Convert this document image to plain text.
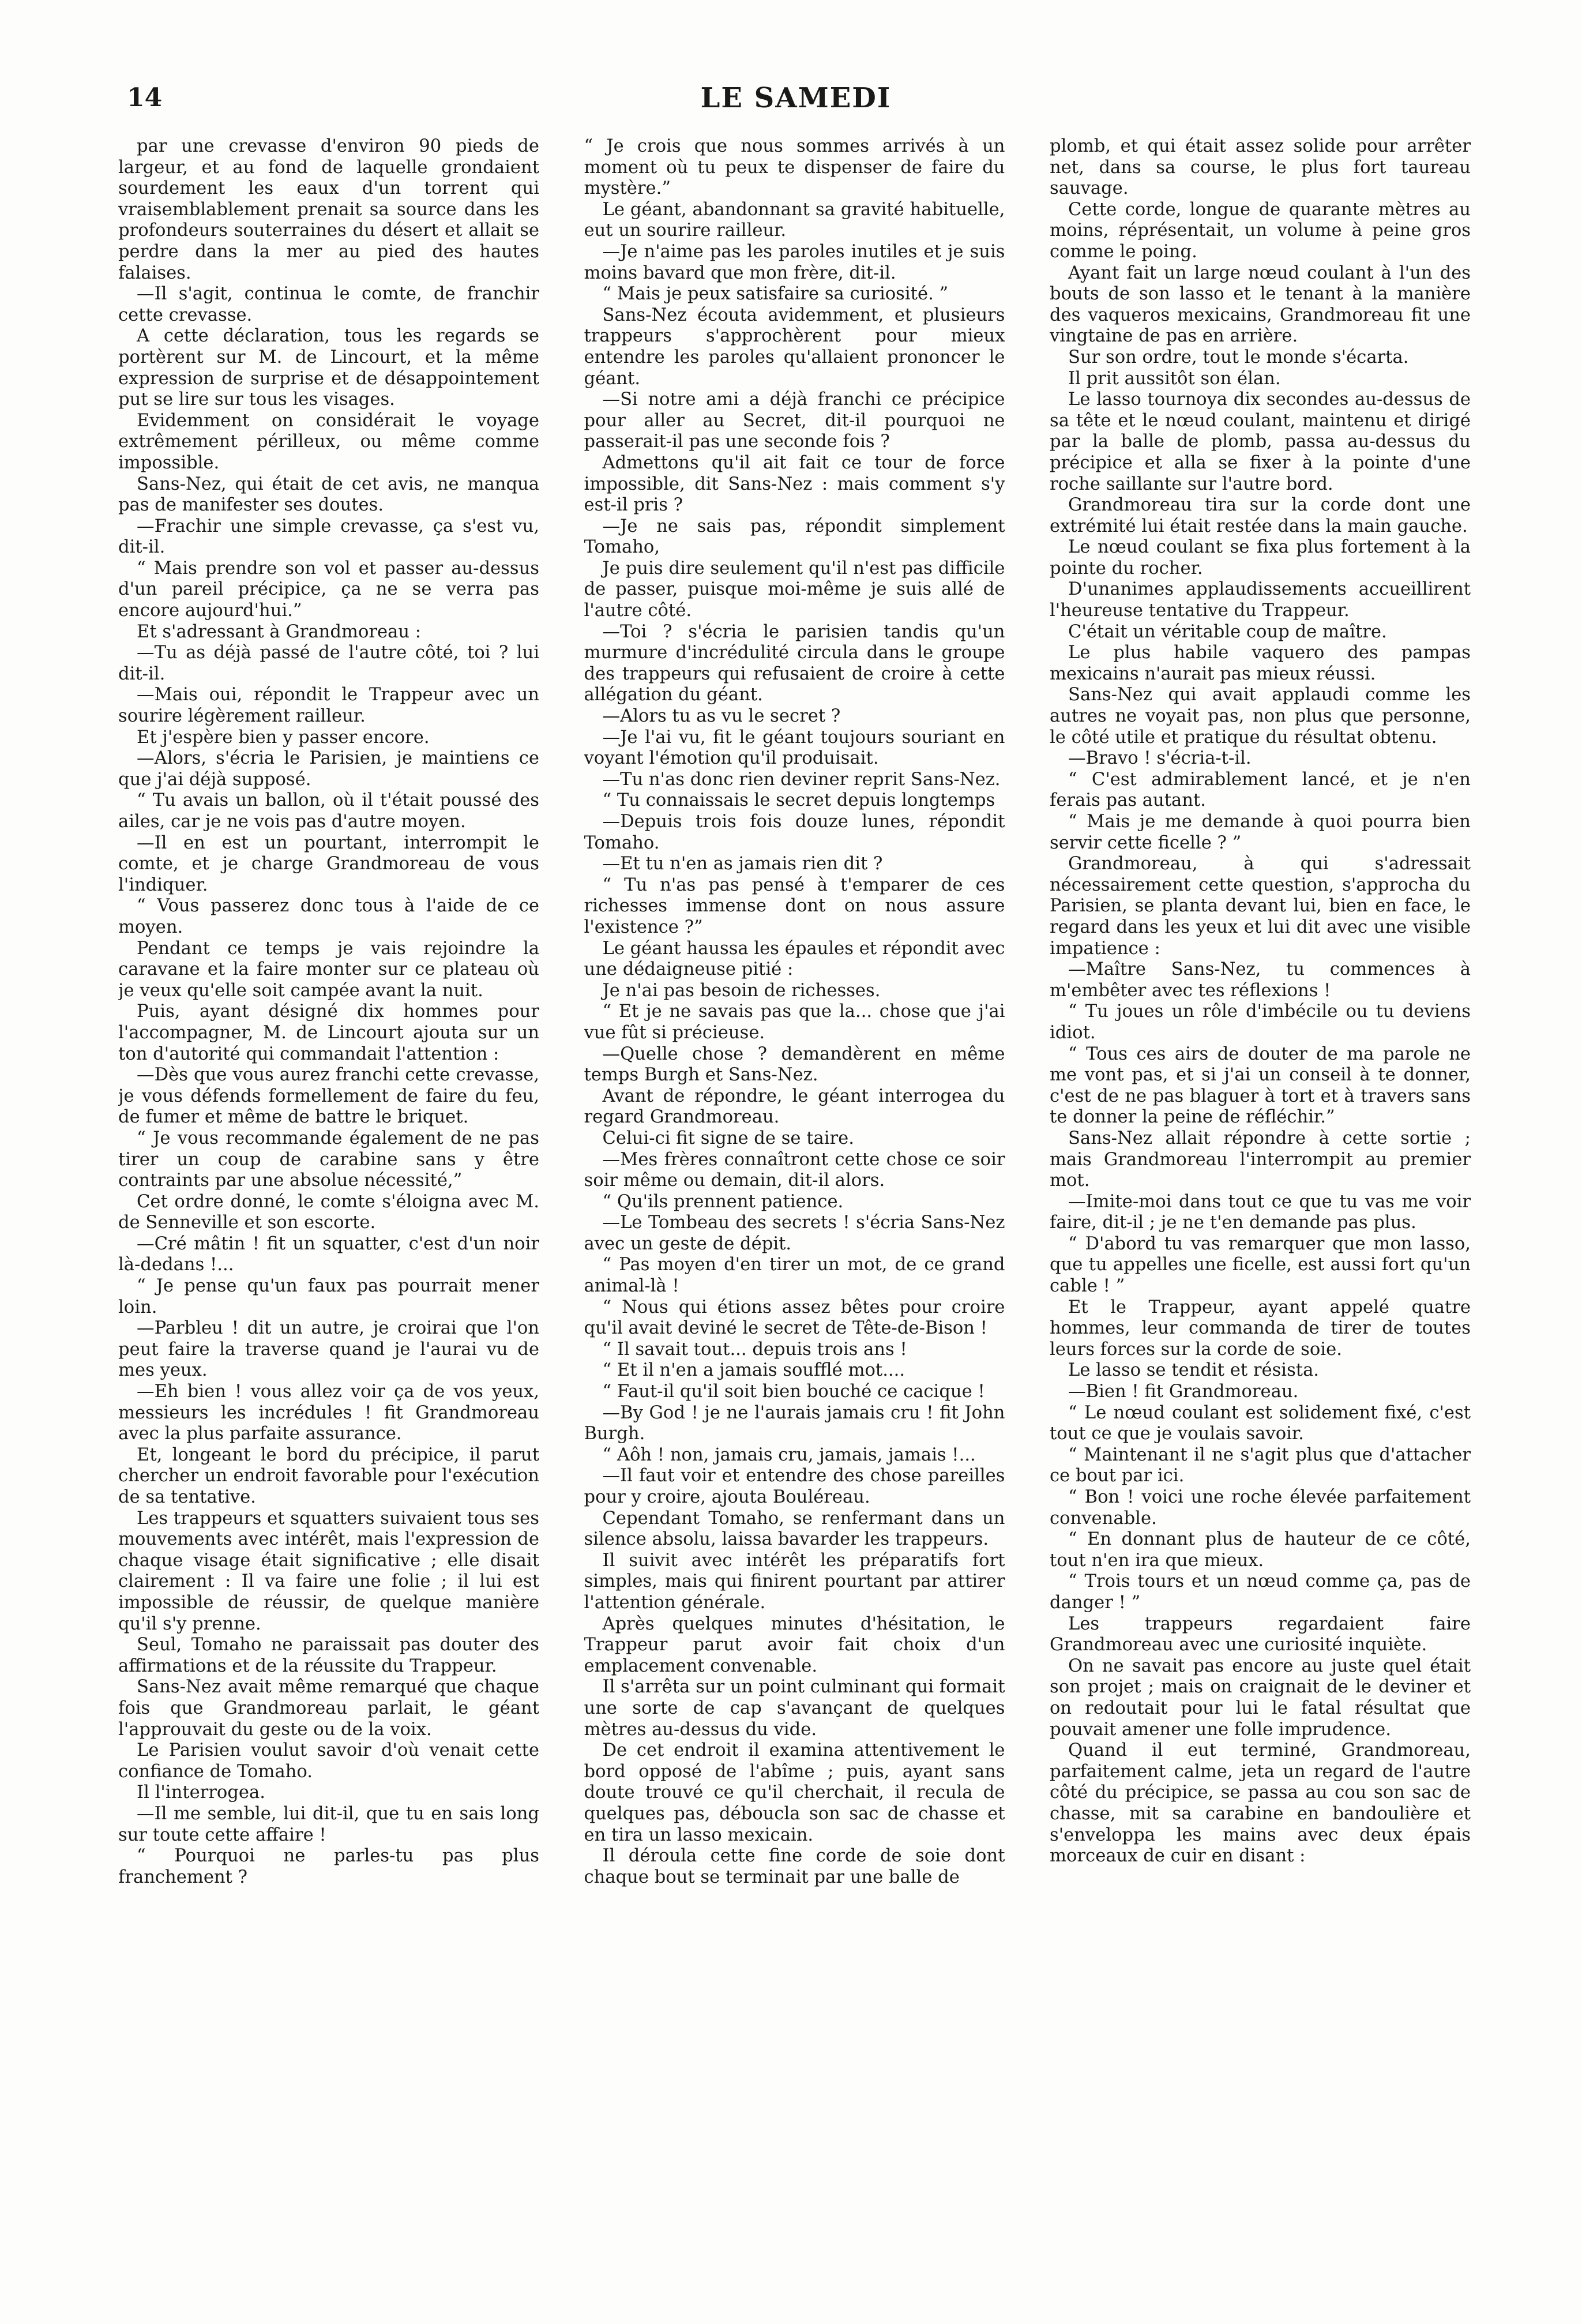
14	LE SAMEDI

par une crevasse d'environ 90 pieds de largeur, et au fond de laquelle grondaient sourdement les eaux d'un torrent qui vraisemblablement prenait sa source dans les profondeurs souterraines du désert et allait se perdre dans la mer au pied des hautes falaises.

—Il s'agit, continua le comte, de franchir cette crevasse.

A cette déclaration, tous les regards se portèrent sur M. de Lincourt, et la même expression de surprise et de désappointement put se lire sur tous les visages.

Evidemment on considérait le voyage extrêmement périlleux, ou même comme impossible.

Sans-Nez, qui était de cet avis, ne manqua pas de manifester ses doutes.

—Frachir une simple crevasse, ça s'est vu, dit-il.

“ Mais prendre son vol et passer au-dessus d'un pareil précipice, ça ne se verra pas encore aujourd'hui.”

Et s'adressant à Grandmoreau :

—Tu as déjà passé de l'autre côté, toi ? lui dit-il.

—Mais oui, répondit le Trappeur avec un sourire légèrement railleur.

Et j'espère bien y passer encore.

—Alors, s'écria le Parisien, je maintiens ce que j'ai déjà supposé.

“ Tu avais un ballon, où il t'était poussé des ailes, car je ne vois pas d'autre moyen.

—Il en est un pourtant, interrompit le comte, et je charge Grandmoreau de vous l'indiquer.

“ Vous passerez donc tous à l'aide de ce moyen.

Pendant ce temps je vais rejoindre la caravane et la faire monter sur ce plateau où je veux qu'elle soit campée avant la nuit.

Puis, ayant désigné dix hommes pour l'accompagner, M. de Lincourt ajouta sur un ton d'autorité qui commandait l'attention :

—Dès que vous aurez franchi cette crevasse, je vous défends formellement de faire du feu, de fumer et même de battre le briquet.

“ Je vous recommande également de ne pas tirer un coup de carabine sans y être contraints par une absolue nécessité,”

Cet ordre donné, le comte s'éloigna avec M. de Senneville et son escorte.

—Cré mâtin ! fit un squatter, c'est d'un noir là-dedans !...

“ Je pense qu'un faux pas pourrait mener loin.

—Parbleu ! dit un autre, je croirai que l'on peut faire la traverse quand je l'aurai vu de mes yeux.

—Eh bien ! vous allez voir ça de vos yeux, messieurs les incrédules ! fit Grandmoreau avec la plus parfaite assurance.

Et, longeant le bord du précipice, il parut chercher un endroit favorable pour l'exécution de sa tentative.

Les trappeurs et squatters suivaient tous ses mouvements avec intérêt, mais l'expression de chaque visage était significative ; elle disait clairement : Il va faire une folie ; il lui est impossible de réussir, de quelque manière qu'il s'y prenne.

Seul, Tomaho ne paraissait pas douter des affirmations et de la réussite du Trappeur.

Sans-Nez avait même remarqué que chaque fois que Grandmoreau parlait, le géant l'approuvait du geste ou de la voix.

Le Parisien voulut savoir d'où venait cette confiance de Tomaho.

Il l'interrogea.

—Il me semble, lui dit-il, que tu en sais long sur toute cette affaire !

“ Pourquoi ne parles-tu pas plus franchement ?

“ Je crois que nous sommes arrivés à un moment où tu peux te dispenser de faire du mystère.”

Le géant, abandonnant sa gravité habituelle, eut un sourire railleur.

—Je n'aime pas les paroles inutiles et je suis moins bavard que mon frère, dit-il.

“ Mais je peux satisfaire sa curiosité. ”

Sans-Nez écouta avidemment, et plusieurs trappeurs s'approchèrent pour mieux entendre les paroles qu'allaient prononcer le géant.

—Si notre ami a déjà franchi ce précipice pour aller au Secret, dit-il pourquoi ne passerait-il pas une seconde fois ?

Admettons qu'il ait fait ce tour de force impossible, dit Sans-Nez : mais comment s'y est-il pris ?

—Je ne sais pas, répondit simplement Tomaho,

Je puis dire seulement qu'il n'est pas difficile de passer, puisque moi-même je suis allé de l'autre côté.

—Toi ? s'écria le parisien tandis qu'un murmure d'incrédulité circula dans le groupe des trappeurs qui refusaient de croire à cette allégation du géant.

—Alors tu as vu le secret ?

—Je l'ai vu, fit le géant toujours souriant en voyant l'émotion qu'il produisait.

—Tu n'as donc rien deviner reprit Sans-Nez.

“ Tu connaissais le secret depuis longtemps

—Depuis trois fois douze lunes, répondit Tomaho.

—Et tu n'en as jamais rien dit ?

“ Tu n'as pas pensé à t'emparer de ces richesses immense dont on nous assure l'existence ?”

Le géant haussa les épaules et répondit avec une dédaigneuse pitié :

Je n'ai pas besoin de richesses.

“ Et je ne savais pas que la... chose que j'ai vue fût si précieuse.

—Quelle chose ? demandèrent en même temps Burgh et Sans-Nez.

Avant de répondre, le géant interrogea du regard Grandmoreau.

Celui-ci fit signe de se taire.

—Mes frères connaîtront cette chose ce soir soir même ou demain, dit-il alors.

“ Qu'ils prennent patience.

—Le Tombeau des secrets ! s'écria Sans-Nez avec un geste de dépit.

“ Pas moyen d'en tirer un mot, de ce grand animal-là !

“ Nous qui étions assez bêtes pour croire qu'il avait deviné le secret de Tête-de-Bison !

“ Il savait tout... depuis trois ans !

“ Et il n'en a jamais soufflé mot....

“ Faut-il qu'il soit bien bouché ce cacique !

—By God ! je ne l'aurais jamais cru ! fit John Burgh.

“ Aôh ! non, jamais cru, jamais, jamais !...

—Il faut voir et entendre des chose pareilles pour y croire, ajouta Bouléreau.

Cependant Tomaho, se renfermant dans un silence absolu, laissa bavarder les trappeurs.

Il suivit avec intérêt les préparatifs fort simples, mais qui finirent pourtant par attirer l'attention générale.

Après quelques minutes d'hésitation, le Trappeur parut avoir fait choix d'un emplacement convenable.

Il s'arrêta sur un point culminant qui formait une sorte de cap s'avançant de quelques mètres au-dessus du vide.

De cet endroit il examina attentivement le bord opposé de l'abîme ; puis, ayant sans doute trouvé ce qu'il cherchait, il recula de quelques pas, déboucla son sac de chasse et en tira un lasso mexicain.

Il déroula cette fine corde de soie dont chaque bout se terminait par une balle de

plomb, et qui était assez solide pour arrêter net, dans sa course, le plus fort taureau sauvage.

Cette corde, longue de quarante mètres au moins, réprésentait, un volume à peine gros comme le poing.

Ayant fait un large nœud coulant à l'un des bouts de son lasso et le tenant à la manière des vaqueros mexicains, Grandmoreau fit une vingtaine de pas en arrière.

Sur son ordre, tout le monde s'écarta.

Il prit aussitôt son élan.

Le lasso tournoya dix secondes au-dessus de sa tête et le nœud coulant, maintenu et dirigé par la balle de plomb, passa au-dessus du précipice et alla se fixer à la pointe d'une roche saillante sur l'autre bord.

Grandmoreau tira sur la corde dont une extrémité lui était restée dans la main gauche.

Le nœud coulant se fixa plus fortement à la pointe du rocher.

D'unanimes applaudissements accueillirent l'heureuse tentative du Trappeur.

C'était un véritable coup de maître.

Le plus habile vaquero des pampas mexicains n'aurait pas mieux réussi.

Sans-Nez qui avait applaudi comme les autres ne voyait pas, non plus que personne, le côté utile et pratique du résultat obtenu.

—Bravo ! s'écria-t-il.

“ C'est admirablement lancé, et je n'en ferais pas autant.

“ Mais je me demande à quoi pourra bien servir cette ficelle ? ”

Grandmoreau, à qui s'adressait nécessairement cette question, s'approcha du Parisien, se planta devant lui, bien en face, le regard dans les yeux et lui dit avec une visible impatience :

—Maître Sans-Nez, tu commences à m'embêter avec tes réflexions !

“ Tu joues un rôle d'imbécile ou tu deviens idiot.

“ Tous ces airs de douter de ma parole ne me vont pas, et si j'ai un conseil à te donner, c'est de ne pas blaguer à tort et à travers sans te donner la peine de réfléchir.”

Sans-Nez allait répondre à cette sortie ; mais Grandmoreau l'interrompit au premier mot.

—Imite-moi dans tout ce que tu vas me voir faire, dit-il ; je ne t'en demande pas plus.

“ D'abord tu vas remarquer que mon lasso, que tu appelles une ficelle, est aussi fort qu'un cable ! ”

Et le Trappeur, ayant appelé quatre hommes, leur commanda de tirer de toutes leurs forces sur la corde de soie.

Le lasso se tendit et résista.

—Bien ! fit Grandmoreau.

“ Le nœud coulant est solidement fixé, c'est tout ce que je voulais savoir.

“ Maintenant il ne s'agit plus que d'attacher ce bout par ici.

“ Bon ! voici une roche élevée parfaitement convenable.

“ En donnant plus de hauteur de ce côté, tout n'en ira que mieux.

“ Trois tours et un nœud comme ça, pas de danger ! ”

Les trappeurs regardaient faire Grandmoreau avec une curiosité inquiète.

On ne savait pas encore au juste quel était son projet ; mais on craignait de le deviner et on redoutait pour lui le fatal résultat que pouvait amener une folle imprudence.

Quand il eut terminé, Grandmoreau, parfaitement calme, jeta un regard de l'autre côté du précipice, se passa au cou son sac de chasse, mit sa carabine en bandoulière et s'enveloppa les mains avec deux épais morceaux de cuir en disant :
